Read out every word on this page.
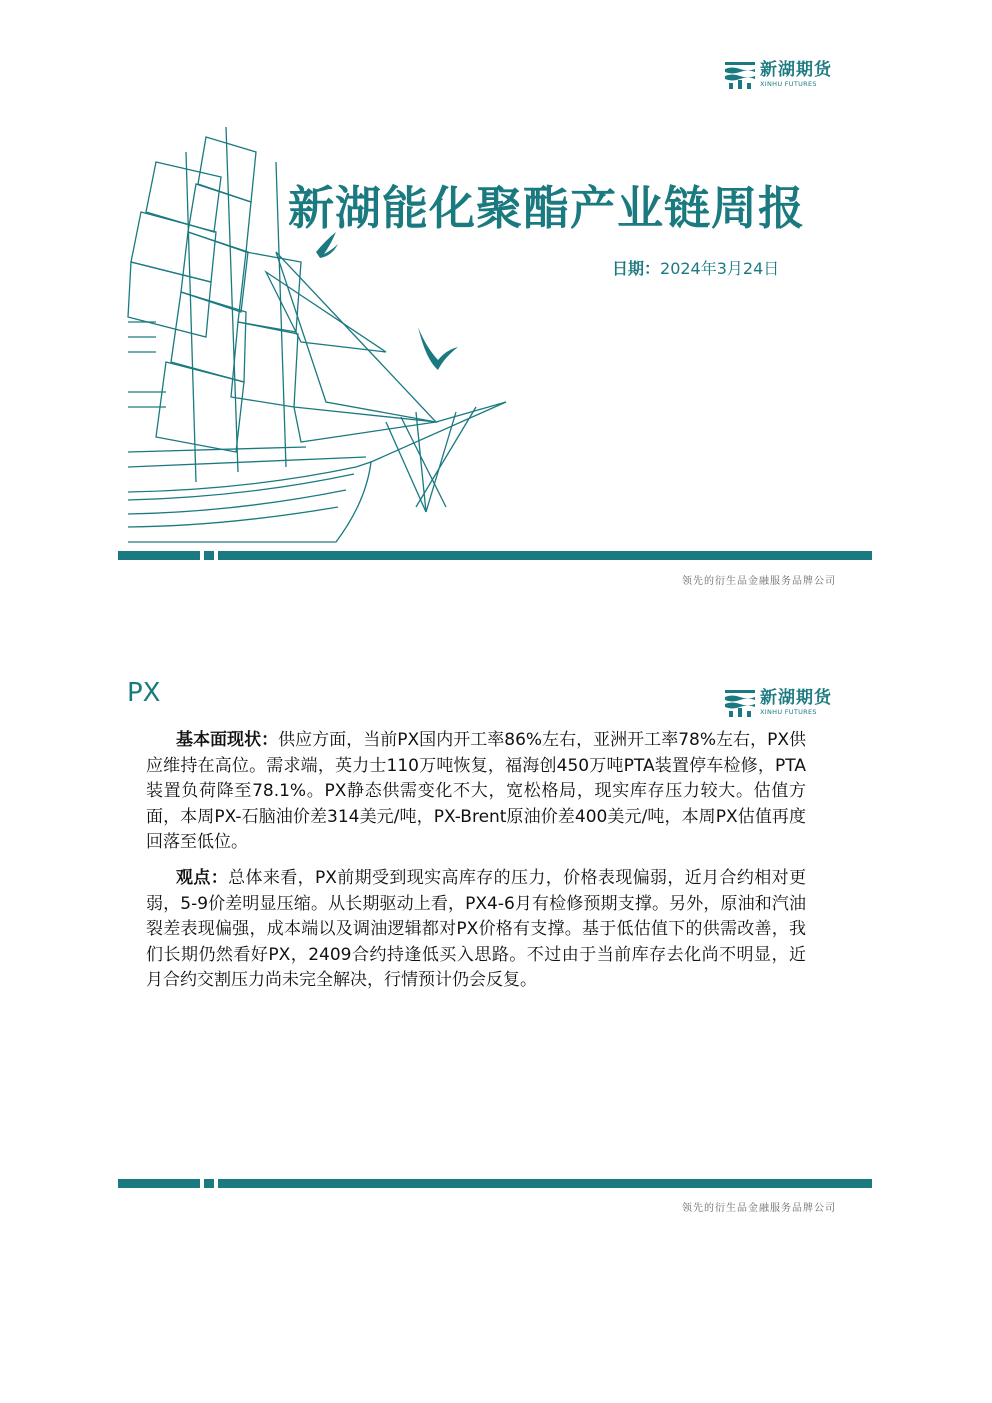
新湖期货
XINHU FUTURES
新湖能化聚酯产业链周报
日期：2024年3月24日
领先的衍生品金融服务品牌公司
PX	新湖期货
XINHU FUTURES
基本面现状：供应方面，当前PX国内开工率86%左右，亚洲开工率78%左右，PX供应维持在高位。需求端，英力士110万吨恢复，福海创450万吨PTA装置停车检修，PTA装置负荷降至78.1%。PX静态供需变化不大，宽松格局，现实库存压力较大。估值方面，本周PX-石脑油价差314美元/吨，PX-Brent原油价差400美元/吨，本周PX估值再度回落至低位。
观点：总体来看，PX前期受到现实高库存的压力，价格表现偏弱，近月合约相对更弱，5-9价差明显压缩。从长期驱动上看，PX4-6月有检修预期支撑。另外，原油和汽油裂差表现偏强，成本端以及调油逻辑都对PX价格有支撑。基于低估值下的供需改善，我们长期仍然看好PX，2409合约持逢低买入思路。不过由于当前库存去化尚不明显，近月合约交割压力尚未完全解决，行情预计仍会反复。
领先的衍生品金融服务品牌公司
